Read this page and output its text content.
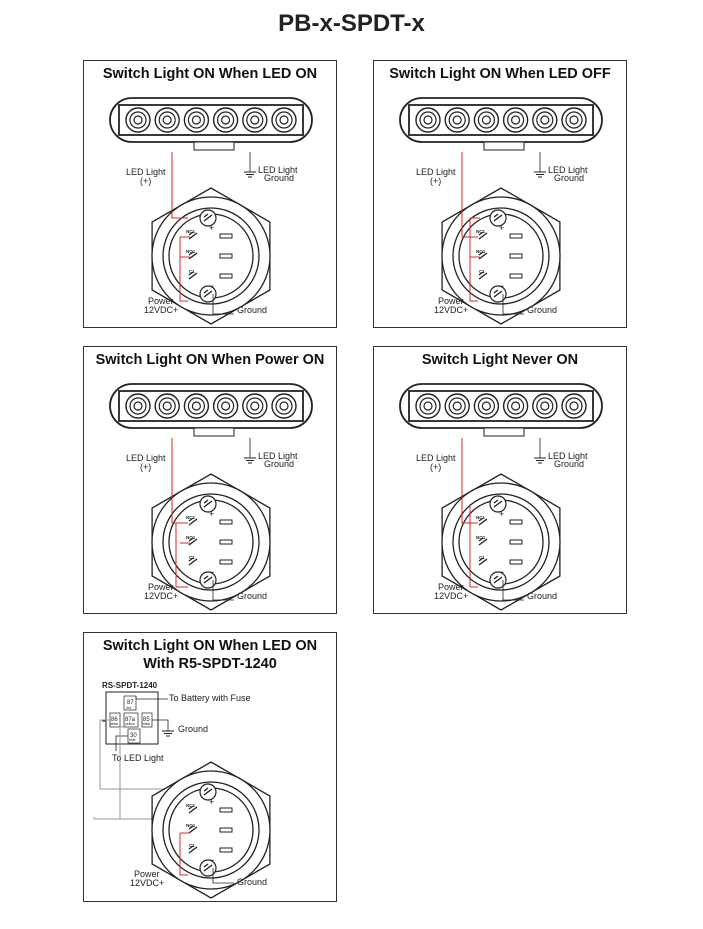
PB-x-SPDT-x
Switch Light ON When LED ON
NC1
NO1
C1
+
−
LED Light
(+)
LED Light
Ground
Power
12VDC+	Ground
Switch Light ON When LED OFF
NC1
NO1
C1
+
−
LED Light
(+)
LED Light
Ground
Power
12VDC+	Ground
Switch Light ON When Power ON
NC1
NO1
C1
+
−
LED Light
(+)
LED Light
Ground
Power
12VDC+	Ground
Switch Light Never ON
NC1
NO1
C1
+
−
LED Light
(+)
LED Light
Ground
Power
12VDC+	Ground
Switch Light ON When LED ON
With R5-SPDT-1240
RS-SPDT-1240
87
red
86
white
87a
yellow
85
black
30
blue
To Battery with Fuse
Ground
To LED Light
NC1
NO1
C1
+
−
Power
12VDC+	Ground
